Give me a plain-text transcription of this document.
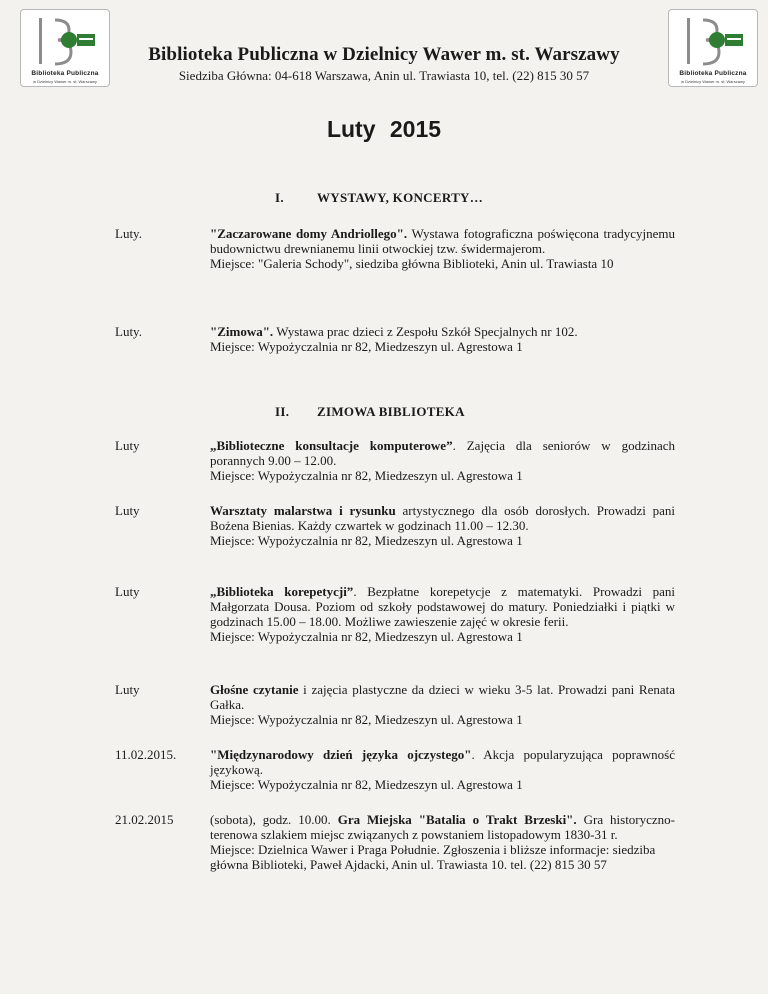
Biblioteka Publiczna
w Dzielnicy Wawer m. st. Warszawy
Biblioteka Publiczna
w Dzielnicy Wawer m. st. Warszawy
Biblioteka Publiczna w Dzielnicy Wawer m. st. Warszawy
Siedziba Główna: 04-618 Warszawa, Anin ul. Trawiasta 10, tel. (22) 815 30 57
Luty 2015
I.	WYSTAWY, KONCERTY…
Luty.	"Zaczarowane domy Andriollego". Wystawa fotograficzna poświęcona tradycyjnemu budownictwu drewnianemu linii otwockiej tzw. świdermajerom.
Miejsce: "Galeria Schody", siedziba główna Biblioteki, Anin ul. Trawiasta 10
Luty.	"Zimowa". Wystawa prac dzieci z Zespołu Szkół Specjalnych nr 102.
Miejsce: Wypożyczalnia nr 82, Miedzeszyn ul. Agrestowa 1
II. ZIMOWA BIBLIOTEKA
Luty	„Biblioteczne konsultacje komputerowe”. Zajęcia dla seniorów w godzinach porannych 9.00 – 12.00.
Miejsce: Wypożyczalnia nr 82, Miedzeszyn ul. Agrestowa 1
Luty	Warsztaty malarstwa i rysunku artystycznego dla osób dorosłych. Prowadzi pani Bożena Bienias. Każdy czwartek w godzinach 11.00 – 12.30.
Miejsce: Wypożyczalnia nr 82, Miedzeszyn ul. Agrestowa 1
Luty	„Biblioteka korepetycji”. Bezpłatne korepetycje z matematyki. Prowadzi pani Małgorzata Dousa. Poziom od szkoły podstawowej do matury. Poniedziałki i piątki w godzinach 15.00 – 18.00. Możliwe zawieszenie zajęć w okresie ferii.
Miejsce: Wypożyczalnia nr 82, Miedzeszyn ul. Agrestowa 1
Luty	Głośne czytanie i zajęcia plastyczne da dzieci w wieku 3-5 lat. Prowadzi pani Renata Gałka.
Miejsce: Wypożyczalnia nr 82, Miedzeszyn ul. Agrestowa 1
11.02.2015.	"Międzynarodowy dzień języka ojczystego". Akcja popularyzująca poprawność językową.
Miejsce: Wypożyczalnia nr 82, Miedzeszyn ul. Agrestowa 1
21.02.2015	(sobota), godz. 10.00. Gra Miejska "Batalia o Trakt Brzeski". Gra historyczno-terenowa szlakiem miejsc związanych z powstaniem listopadowym 1830-31 r.
Miejsce: Dzielnica Wawer i Praga Południe. Zgłoszenia i bliższe informacje: siedziba główna Biblioteki, Paweł Ajdacki, Anin ul. Trawiasta 10. tel. (22) 815 30 57
